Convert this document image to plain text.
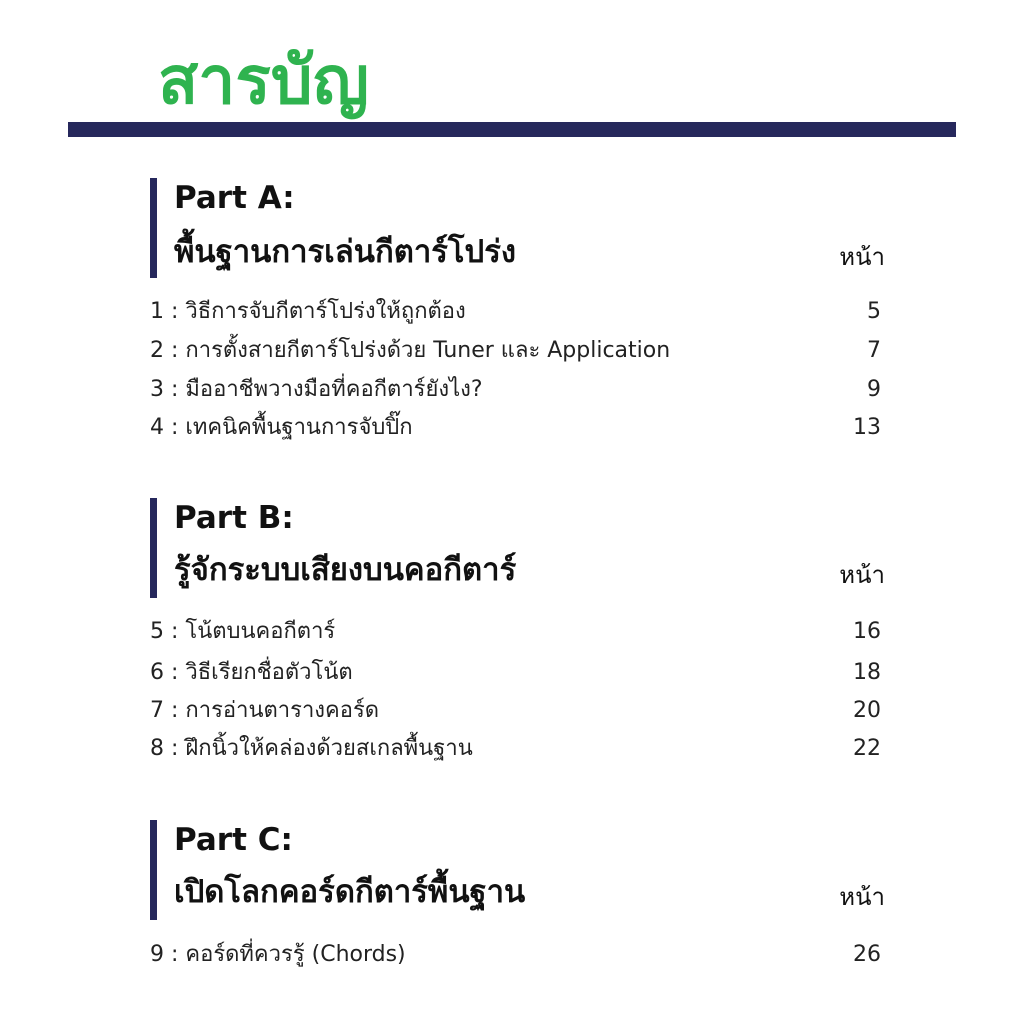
สารบัญ
Part A:
พื้นฐานการเล่นกีตาร์โปร่ง	หน้า
1 : วิธีการจับกีตาร์โปร่งให้ถูกต้อง	5
2 : การตั้งสายกีตาร์โปร่งด้วย Tuner และ Application	7
3 : มืออาชีพวางมือที่คอกีตาร์ยังไง?	9
4 : เทคนิคพื้นฐานการจับปิ๊ก	13
Part B:
รู้จักระบบเสียงบนคอกีตาร์	หน้า
5 : โน้ตบนคอกีตาร์	16
6 : วิธีเรียกชื่อตัวโน้ต	18
7 : การอ่านตารางคอร์ด	20
8 : ฝึกนิ้วให้คล่องด้วยสเกลพื้นฐาน	22
Part C:
เปิดโลกคอร์ดกีตาร์พื้นฐาน	หน้า
9 : คอร์ดที่ควรรู้ (Chords)	26
